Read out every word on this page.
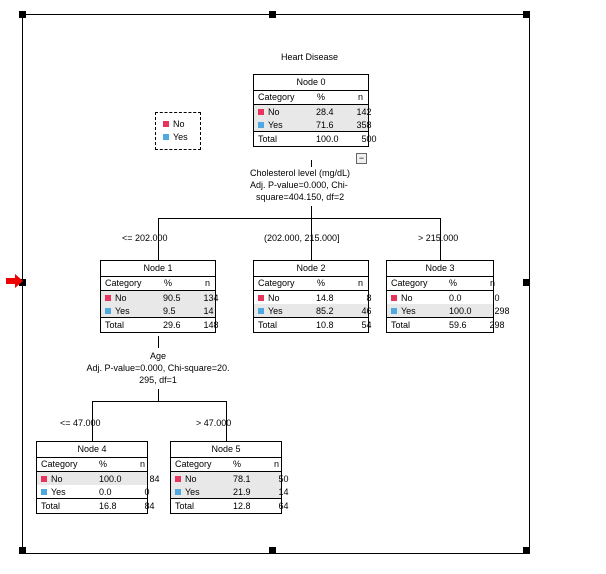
Heart Disease
No
Yes
Node 0
Category	%	n
No	28.4	142
Yes	71.6	358
Total	100.0	500
−
Cholesterol level (mg/dL)
Adj. P-value=0.000, Chi-
square=404.150, df=2
<= 202.000	(202.000, 215.000]	> 215.000
Node 1
Category	%	n
No	90.5	134
Yes	9.5	14
Total	29.6	148
Node 2
Category	%	n
No	14.8	8
Yes	85.2	46
Total	10.8	54
Node 3
Category	%	n
No	0.0	0
Yes	100.0	298
Total	59.6	298
Age
Adj. P-value=0.000, Chi-square=20.
295, df=1
<= 47.000	> 47.000
Node 4
Category	%	n
No	100.0	84
Yes	0.0	0
Total	16.8	84
Node 5
Category	%	n
No	78.1	50
Yes	21.9	14
Total	12.8	64
